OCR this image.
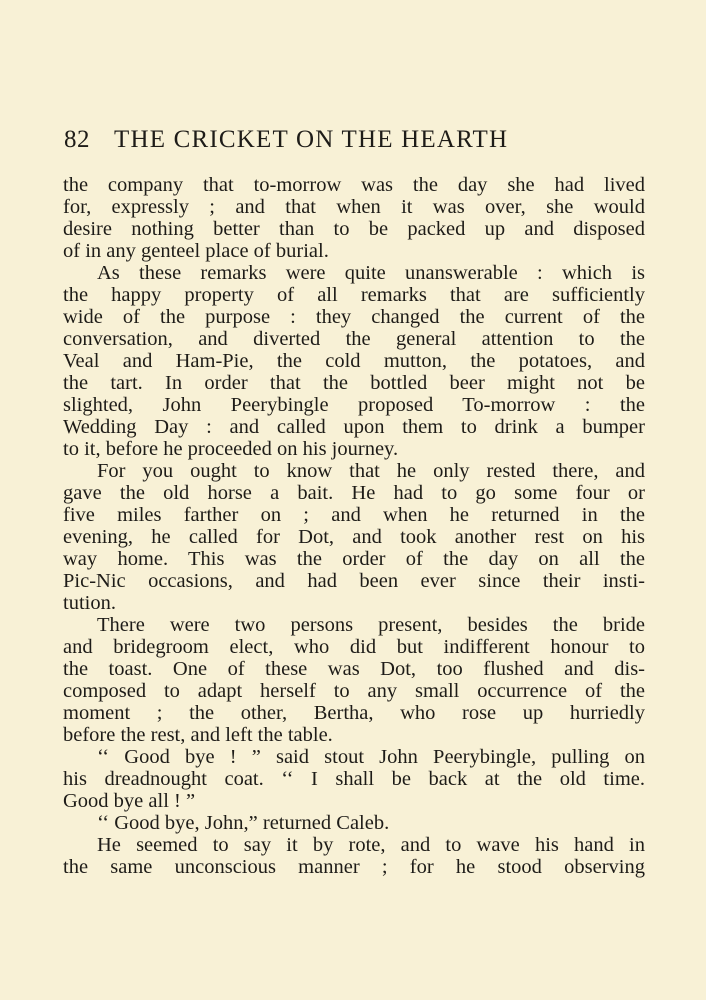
82 THE CRICKET ON THE HEARTH
the company that to-morrow was the day she had lived
for, expressly ; and that when it was over, she would
desire nothing better than to be packed up and disposed
of in any genteel place of burial.
As these remarks were quite unanswerable : which is
the happy property of all remarks that are sufficiently
wide of the purpose : they changed the current of the
conversation, and diverted the general attention to the
Veal and Ham-Pie, the cold mutton, the potatoes, and
the tart. In order that the bottled beer might not be
slighted, John Peerybingle proposed To-morrow : the
Wedding Day : and called upon them to drink a bumper
to it, before he proceeded on his journey.
For you ought to know that he only rested there, and
gave the old horse a bait. He had to go some four or
five miles farther on ; and when he returned in the
evening, he called for Dot, and took another rest on his
way home. This was the order of the day on all the
Pic-Nic occasions, and had been ever since their insti-
tution.
There were two persons present, besides the bride
and bridegroom elect, who did but indifferent honour to
the toast. One of these was Dot, too flushed and dis-
composed to adapt herself to any small occurrence of the
moment ; the other, Bertha, who rose up hurriedly
before the rest, and left the table.
‘‘ Good bye ! ” said stout John Peerybingle, pulling on
his dreadnought coat. ‘‘ I shall be back at the old time.
Good bye all ! ”
‘‘ Good bye, John,” returned Caleb.
He seemed to say it by rote, and to wave his hand in
the same unconscious manner ; for he stood observing
